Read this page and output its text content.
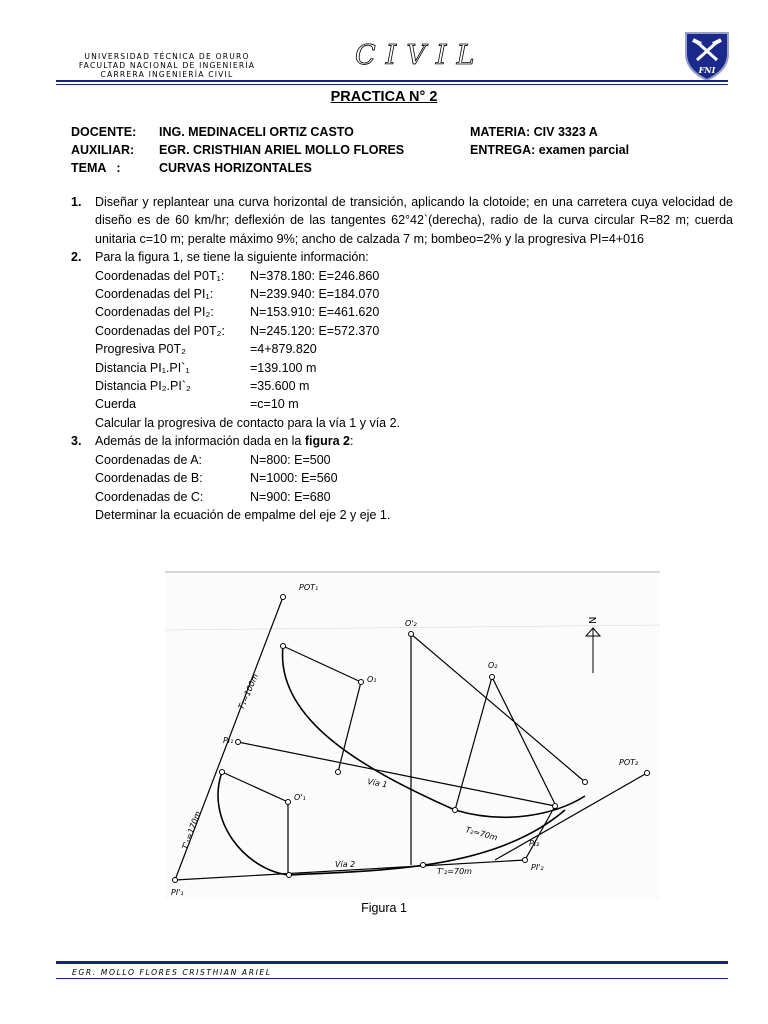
UNIVERSIDAD TÉCNICA DE ORURO
FACULTAD NACIONAL DE INGENIERÍA
CARRERA INGENIERÍA CIVIL
CIVIL	FNI
PRACTICA N° 2
DOCENTE: ING. MEDINACELI ORTIZ CASTO	MATERIA: CIV 3323 A
AUXILIAR: EGR. CRISTHIAN ARIEL MOLLO FLORES	ENTREGA: examen parcial
TEMA   :	CURVAS HORIZONTALES
1.	Diseñar y replantear una curva horizontal de transición, aplicando la clotoide; en una carretera cuya velocidad de diseño es de 60 km/hr; deflexión de las tangentes 62°42`(derecha), radio de la curva circular R=82 m; cuerda unitaria c=10 m; peralte máximo 9%; ancho de calzada 7 m; bombeo=2% y la progresiva PI=4+016
2.	Para la figura 1, se tiene la siguiente información:
Coordenadas del P0T₁:	N=378.180: E=246.860
Coordenadas del PI₁:	N=239.940: E=184.070
Coordenadas del PI₂:	N=153.910: E=461.620
Coordenadas del P0T₂:	N=245.120: E=572.370
Progresiva P0T₂	=4+879.820
Distancia PI₁.PI`₁	=139.100 m
Distancia PI₂.PI`₂	=35.600 m
Cuerda	=c=10 m
Calcular la progresiva de contacto para la vía 1 y vía 2.
3.	Además de la información dada en la figura 2:
Coordenadas de A:	N=800: E=500
Coordenadas de B:	N=1000: E=560
Coordenadas de C:	N=900: E=680
Determinar la ecuación de empalme del eje 2 y eje 1.
N
POT₁
PI₁
O₁
O'₂
O₂
POT₂
O'₁
PI₂
PI'₂
PI'₁
T₁=100m
T'₁=170m	T₂=70m
T'₂=70m
Vía 1
Vía 2
Figura 1
EGR. MOLLO FLORES CRISTHIAN ARIEL
